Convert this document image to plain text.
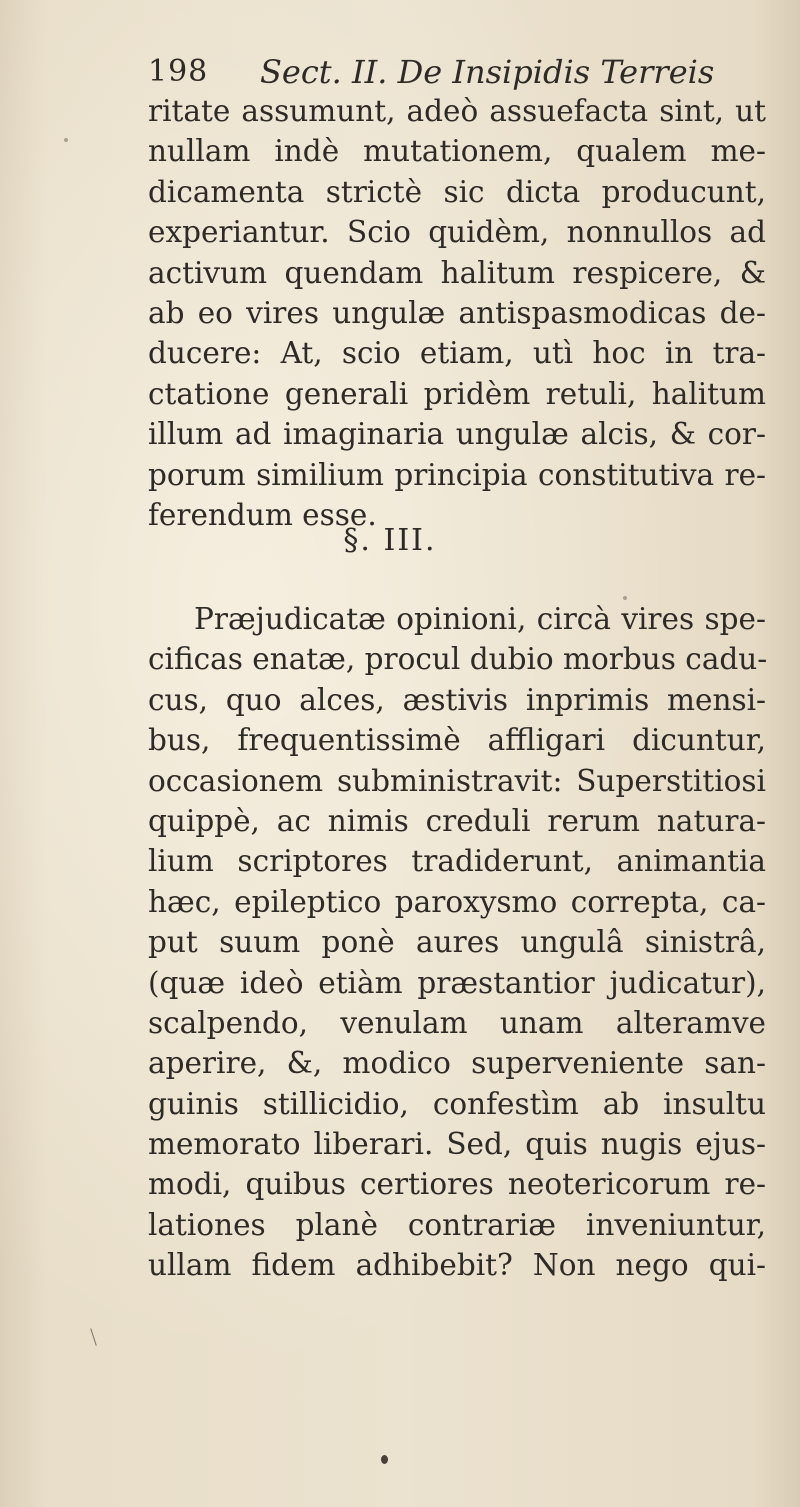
198 Sect. II. De Insipidis Terreis
ritate assumunt, adeò assuefacta sint, ut
nullam indè mutationem, qualem me-
dicamenta strictè sic dicta producunt,
experiantur. Scio quidèm, nonnullos ad
activum quendam halitum respicere, &
ab eo vires ungulæ antispasmodicas de-
ducere: At, scio etiam, utì hoc in tra-
ctatione generali pridèm retuli, halitum
illum ad imaginaria ungulæ alcis, & cor-
porum similium principia constitutiva re-
ferendum esse.
§. III.
Præjudicatæ opinioni, circà vires spe-
cificas enatæ, procul dubio morbus cadu-
cus, quo alces, æstivis inprimis mensi-
bus, frequentissimè affligari dicuntur,
occasionem subministravit: Superstitiosi
quippè, ac nimis creduli rerum natura-
lium scriptores tradiderunt, animantia
hæc, epileptico paroxysmo correpta, ca-
put suum ponè aures ungulâ sinistrâ,
(quæ ideò etiàm præstantior judicatur),
scalpendo, venulam unam alteramve
aperire, &, modico superveniente san-
guinis stillicidio, confestìm ab insultu
memorato liberari. Sed, quis nugis ejus-
modi, quibus certiores neotericorum re-
lationes planè contrariæ inveniuntur,
ullam fidem adhibebit? Non nego qui-
